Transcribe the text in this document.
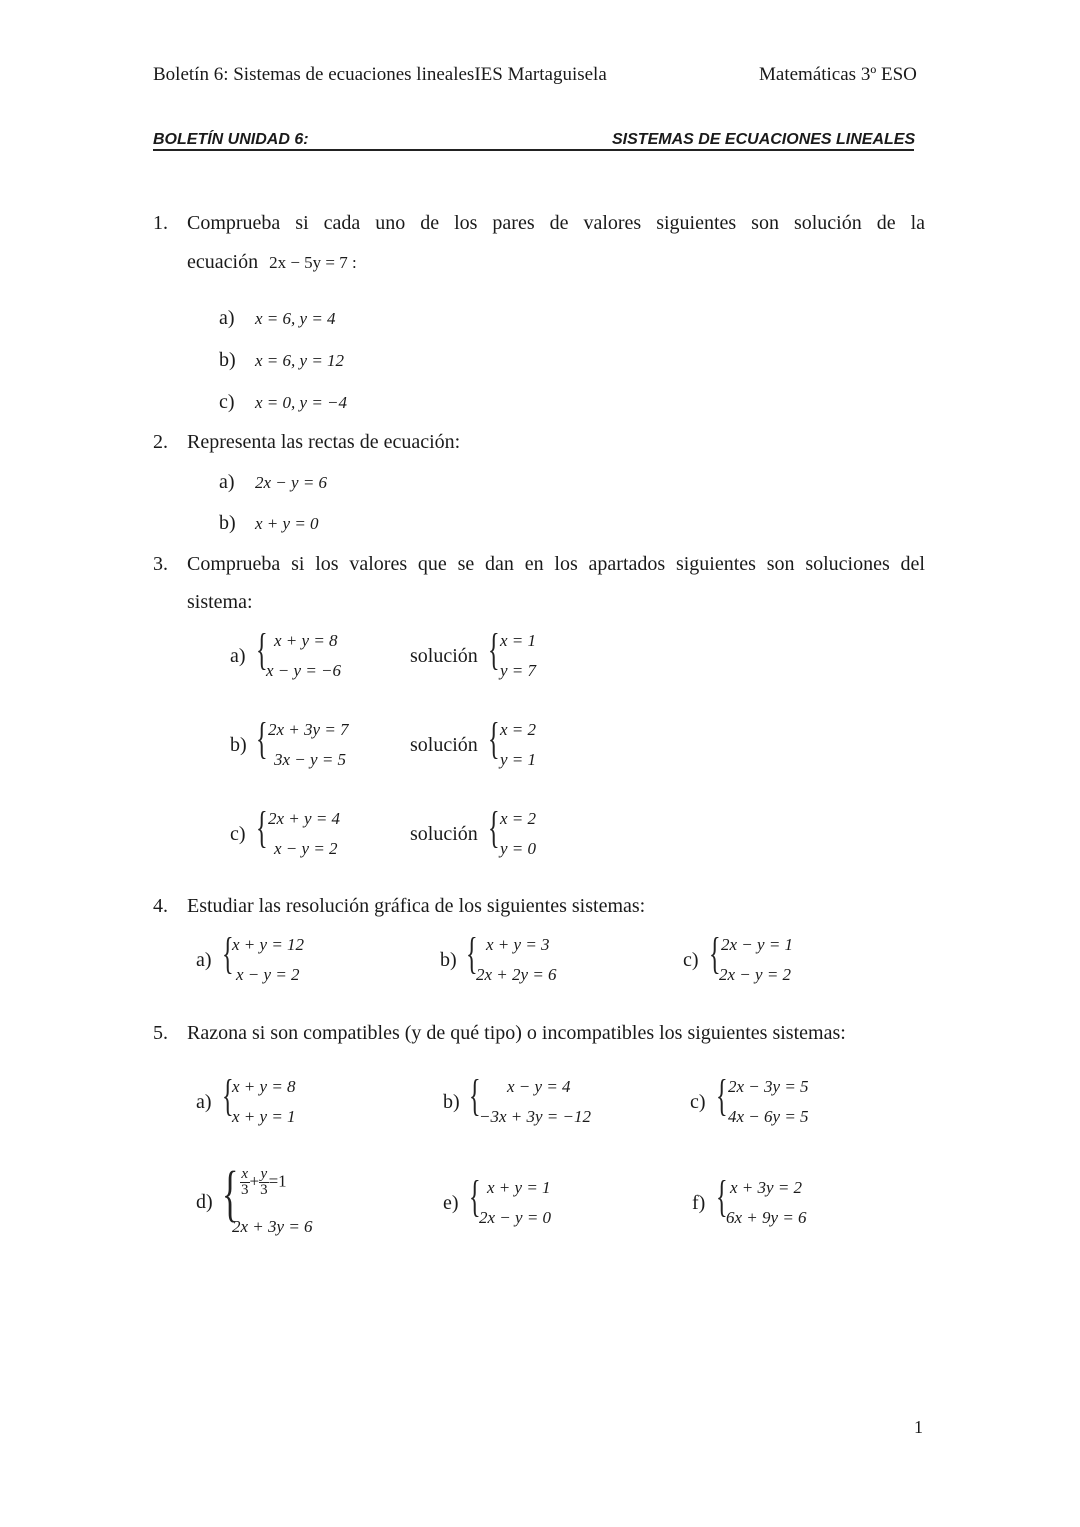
Boletín 6: Sistemas de ecuaciones linealesIES Martaguisela	Matemáticas 3º ESO
BOLETÍN UNIDAD 6:	SISTEMAS DE ECUACIONES LINEALES
1. Comprueba si cada uno de los pares de valores siguientes son solución de la
ecuación 2x − 5y = 7 :
a) x = 6, y = 4
b) x = 6, y = 12
c) x = 0, y = −4
2. Representa las rectas de ecuación:
a) 2x − y = 6
b) x + y = 0
3. Comprueba si los valores que se dan en los apartados siguientes son soluciones del
sistema:
a) { x + y = 8
x − y = −6
solución { x = 1
y = 7
b) { 2x + 3y = 7
3x − y = 5
solución { x = 2
y = 1
c) { 2x + y = 4
x − y = 2
solución { x = 2
y = 0
4. Estudiar las resolución gráfica de los siguientes sistemas:
a) {
x + y = 12
x − y = 2
b) { x + y = 3
2x + 2y = 6
c) { 2x − y = 1
2x − y = 2
5. Razona si son compatibles (y de qué tipo) o incompatibles los siguientes sistemas:
a) {
x + y = 8
x + y = 1
b) { x − y = 4
−3x + 3y = −12
c) { 2x − 3y = 5
4x − 6y = 5
d) { $\frac{x}{3} + \frac{y}{3} =1$
2x + 3y = 6
e) { x + y = 1
2x − y = 0
f) { x + 3y = 2
6x + 9y = 6
1
